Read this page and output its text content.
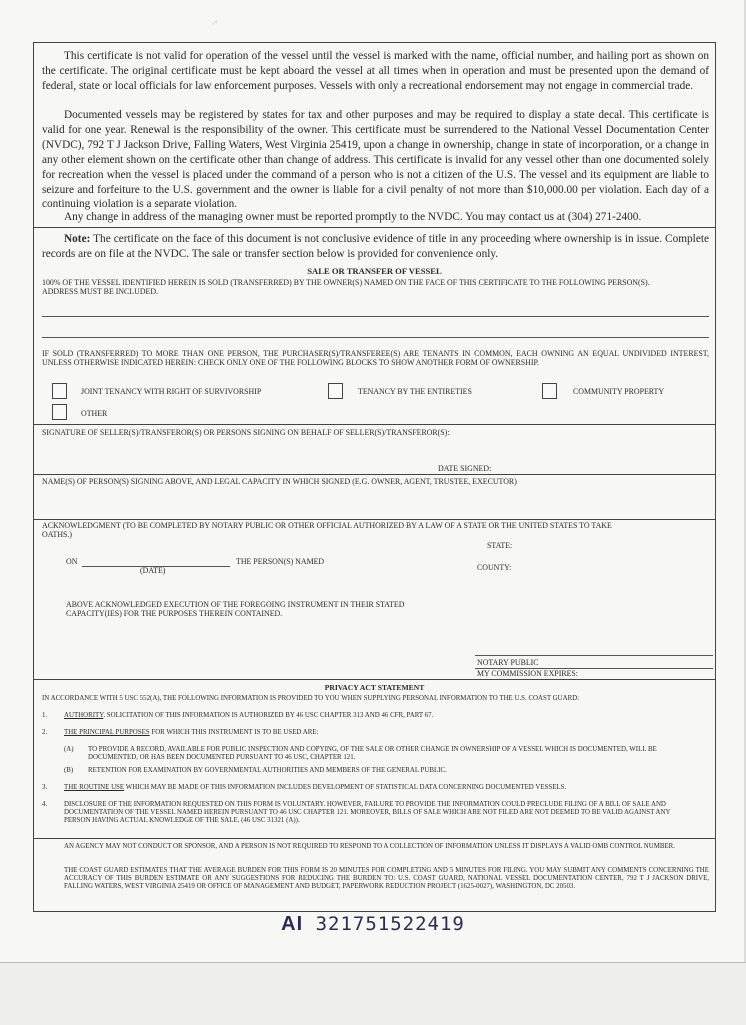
·ˇ

This certificate is not valid for operation of the vessel until the vessel is marked with the name, official number, and hailing port as shown on the certificate. The original certificate must be kept aboard the vessel at all times when in operation and must be presented upon the demand of federal, state or local officials for law enforcement purposes. Vessels with only a recreational endorsement may not engage in commercial trade.

Documented vessels may be registered by states for tax and other purposes and may be required to display a state decal. This certificate is valid for one year. Renewal is the responsibility of the owner. This certificate must be surrendered to the National Vessel Documentation Center (NVDC), 792 T J Jackson Drive, Falling Waters, West Virginia 25419, upon a change in ownership, change in state of incorporation, or a change in any other element shown on the certificate other than change of address. This certificate is invalid for any vessel other than one documented solely for recreation when the vessel is placed under the command of a person who is not a citizen of the U.S. The vessel and its equipment are liable to seizure and forfeiture to the U.S. government and the owner is liable for a civil penalty of not more than $10,000.00 per violation. Each day of a continuing violation is a separate violation.

Any change in address of the managing owner must be reported promptly to the NVDC. You may contact us at (304) 271-2400.

Note: The certificate on the face of this document is not conclusive evidence of title in any proceeding where ownership is in issue. Complete records are on file at the NVDC. The sale or transfer section below is provided for convenience only.

SALE OR TRANSFER OF VESSEL
100% OF THE VESSEL IDENTIFIED HEREIN IS SOLD (TRANSFERRED) BY THE OWNER(S) NAMED ON THE FACE OF THIS CERTIFICATE TO THE FOLLOWING PERSON(S). ADDRESS MUST BE INCLUDED.
IF SOLD (TRANSFERRED) TO MORE THAN ONE PERSON, THE PURCHASER(S)/TRANSFEREE(S) ARE TENANTS IN COMMON, EACH OWNING AN EQUAL UNDIVIDED INTEREST, UNLESS OTHERWISE INDICATED HEREIN: CHECK ONLY ONE OF THE FOLLOWING BLOCKS TO SHOW ANOTHER FORM OF OWNERSHIP.
JOINT TENANCY WITH RIGHT OF SURVIVORSHIP	TENANCY BY THE ENTIRETIES	COMMUNITY PROPERTY
OTHER
SIGNATURE OF SELLER(S)/TRANSFEROR(S) OR PERSONS SIGNING ON BEHALF OF SELLER(S)/TRANSFEROR(S):
DATE SIGNED:
NAME(S) OF PERSON(S) SIGNING ABOVE, AND LEGAL CAPACITY IN WHICH SIGNED (E.G. OWNER, AGENT, TRUSTEE, EXECUTOR)
ACKNOWLEDGMENT (TO BE COMPLETED BY NOTARY PUBLIC OR OTHER OFFICIAL AUTHORIZED BY A LAW OF A STATE OR THE UNITED STATES TO TAKE OATHS.)
STATE:
ON
(DATE)
THE PERSON(S) NAMED
COUNTY:
ABOVE ACKNOWLEDGED EXECUTION OF THE FOREGOING INSTRUMENT IN THEIR STATED CAPACITY(IES) FOR THE PURPOSES THEREIN CONTAINED.
NOTARY PUBLIC
MY COMMISSION EXPIRES:
PRIVACY ACT STATEMENT
IN ACCORDANCE WITH 5 USC 552(A), THE FOLLOWING INFORMATION IS PROVIDED TO YOU WHEN SUPPLYING PERSONAL INFORMATION TO THE U.S. COAST GUARD:
1. AUTHORITY. SOLICITATION OF THIS INFORMATION IS AUTHORIZED BY 46 USC CHAPTER 313 AND 46 CFR, PART 67.
2. THE PRINCIPAL PURPOSES FOR WHICH THIS INSTRUMENT IS TO BE USED ARE:
(A) TO PROVIDE A RECORD, AVAILABLE FOR PUBLIC INSPECTION AND COPYING, OF THE SALE OR OTHER CHANGE IN OWNERSHIP OF A VESSEL WHICH IS DOCUMENTED, WILL BE DOCUMENTED, OR HAS BEEN DOCUMENTED PURSUANT TO 46 USC, CHAPTER 121.
(B) RETENTION FOR EXAMINATION BY GOVERNMENTAL AUTHORITIES AND MEMBERS OF THE GENERAL PUBLIC.
3. THE ROUTINE USE WHICH MAY BE MADE OF THIS INFORMATION INCLUDES DEVELOPMENT OF STATISTICAL DATA CONCERNING DOCUMENTED VESSELS.
4. DISCLOSURE OF THE INFORMATION REQUESTED ON THIS FORM IS VOLUNTARY. HOWEVER, FAILURE TO PROVIDE THE INFORMATION COULD PRECLUDE FILING OF A BILL OF SALE AND DOCUMENTATION OF THE VESSEL NAMED HEREIN PURSUANT TO 46 USC CHAPTER 121. MOREOVER, BILLS OF SALE WHICH ARE NOT FILED ARE NOT DEEMED TO BE VALID AGAINST ANY PERSON HAVING ACTUAL KNOWLEDGE OF THE SALE. (46 USC 31321 (A)).
AN AGENCY MAY NOT CONDUCT OR SPONSOR, AND A PERSON IS NOT REQUIRED TO RESPOND TO A COLLECTION OF INFORMATION UNLESS IT DISPLAYS A VALID OMB CONTROL NUMBER.
THE COAST GUARD ESTIMATES THAT THE AVERAGE BURDEN FOR THIS FORM IS 20 MINUTES FOR COMPLETING AND 5 MINUTES FOR FILING. YOU MAY SUBMIT ANY COMMENTS CONCERNING THE ACCURACY OF THIS BURDEN ESTIMATE OR ANY SUGGESTIONS FOR REDUCING THE BURDEN TO: U.S. COAST GUARD, NATIONAL VESSEL DOCUMENTATION CENTER, 792 T J JACKSON DRIVE, FALLING WATERS, WEST VIRGINIA 25419 OR OFFICE OF MANAGEMENT AND BUDGET, PAPERWORK REDUCTION PROJECT (1625-0027), WASHINGTON, DC 20503.
AI 321751522419
